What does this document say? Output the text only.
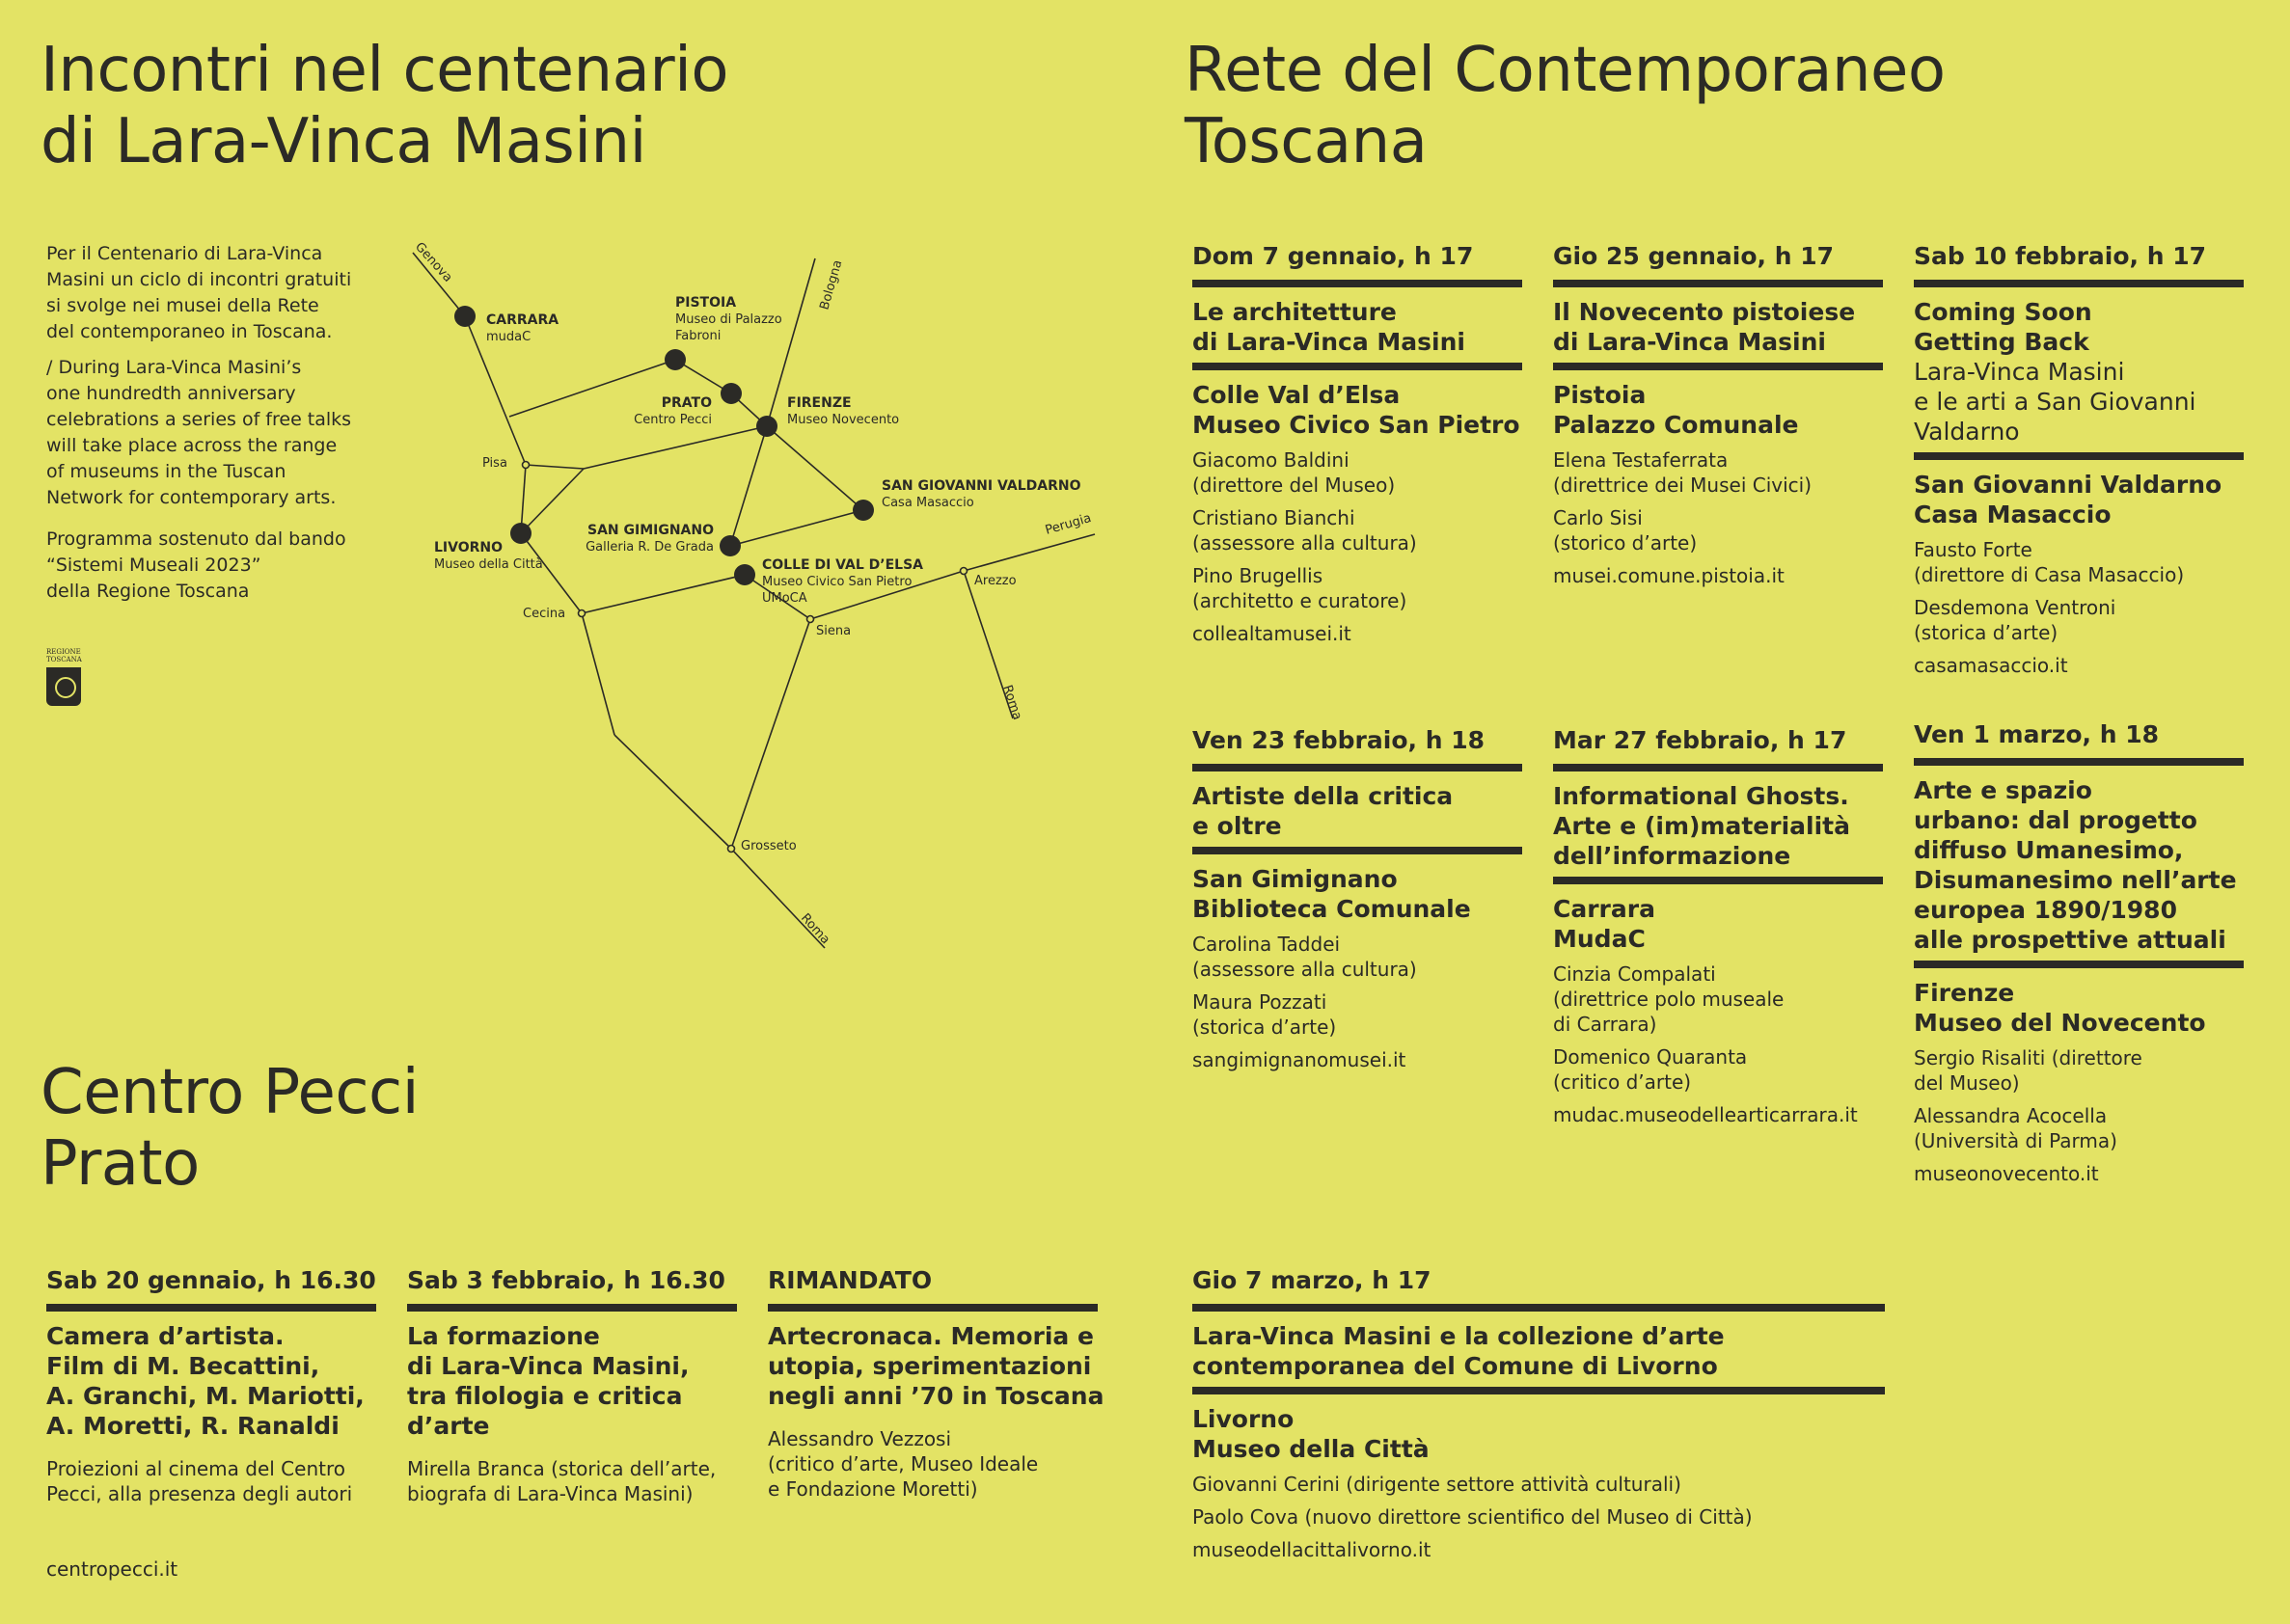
Incontri nel centenario
di Lara-Vinca Masini
Rete del Contemporaneo
Toscana
Centro Pecci
Prato

Per il Centenario di Lara-Vinca
Masini un ciclo di incontri gratuiti
si svolge nei musei della Rete
del contemporaneo in Toscana.

/ During Lara-Vinca Masini’s
one hundredth anniversary
celebrations a series of free talks
will take place across the range
of museums in the Tuscan
Network for contemporary arts.

Programma sostenuto dal bando
“Sistemi Museali 2023”
della Regione Toscana

REGIONE
TOSCANA
CARRARA mudaC
PISTOIA Museo di Palazzo Fabroni
PRATO Centro Pecci
FIRENZE Museo Novecento
SAN GIOVANNI VALDARNO Casa Masaccio
LIVORNO Museo della Città
SAN GIMIGNANO Galleria R. De Grada
COLLE DI VAL D’ELSA Museo Civico San Pietro UMoCA
Genova	Bologna
Pisa
Perugia
Arezzo
Cecina
Siena
Roma
Grosseto
Roma
Dom 7 gennaio, h 17
Le architetture
di Lara-Vinca Masini
Colle Val d’Elsa
Museo Civico San Pietro
Giacomo Baldini
(direttore del Museo)
Cristiano Bianchi
(assessore alla cultura)
Pino Brugellis
(architetto e curatore)
collealtamusei.it
Gio 25 gennaio, h 17
Il Novecento pistoiese
di Lara-Vinca Masini
Pistoia
Palazzo Comunale
Elena Testaferrata
(direttrice dei Musei Civici)
Carlo Sisi
(storico d’arte)
musei.comune.pistoia.it
Sab 10 febbraio, h 17
Coming Soon
Getting Back
Lara-Vinca Masini
e le arti a San Giovanni
Valdarno
San Giovanni Valdarno
Casa Masaccio
Fausto Forte
(direttore di Casa Masaccio)
Desdemona Ventroni
(storica d’arte)
casamasaccio.it
Ven 23 febbraio, h 18
Artiste della critica
e oltre
San Gimignano
Biblioteca Comunale
Carolina Taddei
(assessore alla cultura)
Maura Pozzati
(storica d’arte)
sangimignanomusei.it
Mar 27 febbraio, h 17
Informational Ghosts.
Arte e (im)materialità
dell’informazione
Carrara
MudaC
Cinzia Compalati
(direttrice polo museale
di Carrara)
Domenico Quaranta
(critico d’arte)
mudac.museodellearticarrara.it
Ven 1 marzo, h 18
Arte e spazio
urbano: dal progetto
diffuso Umanesimo,
Disumanesimo nell’arte
europea 1890/1980
alle prospettive attuali
Firenze
Museo del Novecento
Sergio Risaliti (direttore
del Museo)
Alessandra Acocella
(Università di Parma)
museonovecento.it
Gio 7 marzo, h 17
Lara-Vinca Masini e la collezione d’arte
contemporanea del Comune di Livorno
Livorno
Museo della Città
Giovanni Cerini (dirigente settore attività culturali)
Paolo Cova (nuovo direttore scientifico del Museo di Città)
museodellacittalivorno.it
Sab 20 gennaio, h 16.30
Camera d’artista.
Film di M. Becattini,
A. Granchi, M. Mariotti,
A. Moretti, R. Ranaldi
Proiezioni al cinema del Centro
Pecci, alla presenza degli autori
Sab 3 febbraio, h 16.30
La formazione
di Lara-Vinca Masini,
tra filologia e critica
d’arte
Mirella Branca (storica dell’arte,
biografa di Lara-Vinca Masini)
RIMANDATO
Artecronaca. Memoria e
utopia, sperimentazioni
negli anni ’70 in Toscana
Alessandro Vezzosi
(critico d’arte, Museo Ideale
e Fondazione Moretti)
centropecci.it
